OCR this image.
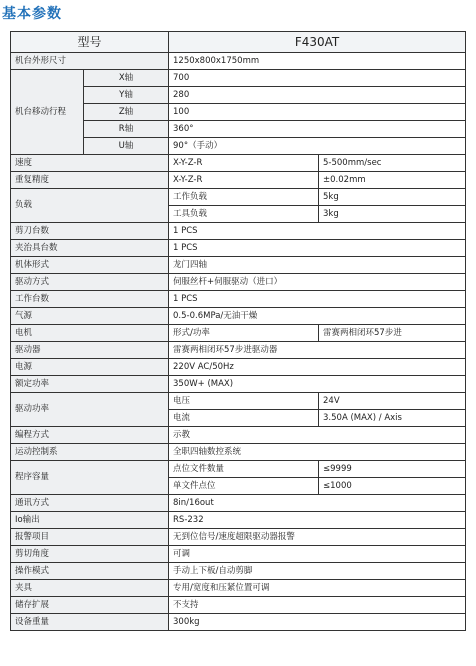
基本参数
型号		F430AT	
机台外形尺寸		1250x800x1750mm	
机台移动行程	X轴	700	
	Y轴	280	
	Z轴	100	
	R轴	360°	
	U轴	90°（手动）	
速度		X-Y-Z-R	5-500mm/sec
重复精度		X-Y-Z-R	±0.02mm
负载		工作负载	5kg
		工具负载	3kg
剪刀台数		1 PCS	
夹治具台数		1 PCS	
机体形式		龙门四轴	
驱动方式		伺服丝杆+伺服驱动（进口）	
工作台数		1 PCS	
气源		0.5-0.6MPa/无油干燥	
电机		形式/功率	雷赛两相闭环57步进
驱动器		雷赛两相闭环57步进驱动器	
电源		220V AC/50Hz	
额定功率		350W+ (MAX)	
驱动功率		电压	24V
		电流	3.50A (MAX) / Axis
编程方式		示教	
运动控制系		全职四轴数控系统	
程序容量		点位文件数量	≤9999
		单文件点位	≤1000
通讯方式		8in/16out	
Io输出		RS-232	
报警项目		无到位信号/速度超限驱动器报警	
剪切角度		可调	
操作模式		手动上下板/自动剪脚	
夹具		专用/宽度和压紧位置可调	
储存扩展		不支持	
设备重量		300kg	
